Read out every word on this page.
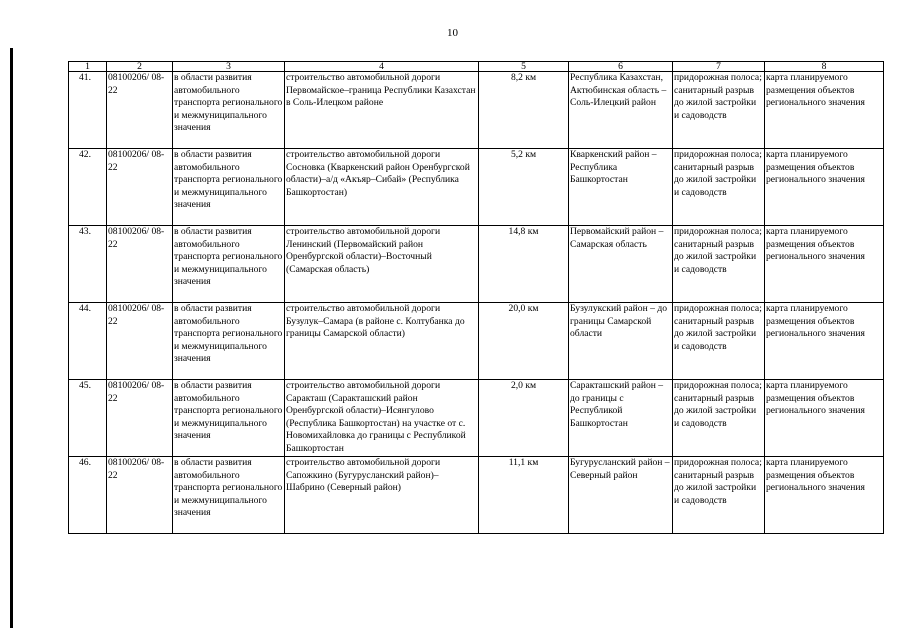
10
1	2	3	4	5	6	7	8
41.	08100206/ 08-22	в области развития автомобильного транспорта регионального и межмуниципального значения	строительство автомобильной дороги Первомайское–граница Республики Казахстан в Соль-Илецком районе	8,2 км	Республика Казахстан, Актюбинская область – Соль-Илецкий район	придорожная полоса; санитарный разрыв до жилой застройки и садоводств	карта планируемого размещения объектов регионального значения
42.	08100206/ 08-22	в области развития автомобильного транспорта регионального и межмуниципального значения	строительство автомобильной дороги Сосновка (Кваркенский район Оренбургской области)–а/д «Акъяр–Сибай» (Республика Башкортостан)	5,2 км	Кваркенский район – Республика Башкортостан	придорожная полоса; санитарный разрыв до жилой застройки и садоводств	карта планируемого размещения объектов регионального значения
43.	08100206/ 08-22	в области развития автомобильного транспорта регионального и межмуниципального значения	строительство автомобильной дороги Ленинский (Первомайский район Оренбургской области)–Восточный (Самарская область)	14,8 км	Первомайский район – Самарская область	придорожная полоса; санитарный разрыв до жилой застройки и садоводств	карта планируемого размещения объектов регионального значения
44.	08100206/ 08-22	в области развития автомобильного транспорта регионального и межмуниципального значения	строительство автомобильной дороги Бузулук–Самара (в районе с. Колтубанка до границы Самарской области)	20,0 км	Бузулукский район – до границы Самарской области	придорожная полоса; санитарный разрыв до жилой застройки и садоводств	карта планируемого размещения объектов регионального значения
45.	08100206/ 08-22	в области развития автомобильного транспорта регионального и межмуниципального значения	строительство автомобильной дороги Саракташ (Саракташский район Оренбургской области)–Исянгулово (Республика Башкортостан) на участке от с. Новомихайловка до границы с Республикой Башкортостан	2,0 км	Саракташский район – до границы с Республикой Башкортостан	придорожная полоса; санитарный разрыв до жилой застройки и садоводств	карта планируемого размещения объектов регионального значения
46.	08100206/ 08-22	в области развития автомобильного транспорта регионального и межмуниципального значения	строительство автомобильной дороги Сапожкино (Бугурусланский район)–Шабрино (Северный район)	11,1 км	Бугурусланский район – Северный район	придорожная полоса; санитарный разрыв до жилой застройки и садоводств	карта планируемого размещения объектов регионального значения
